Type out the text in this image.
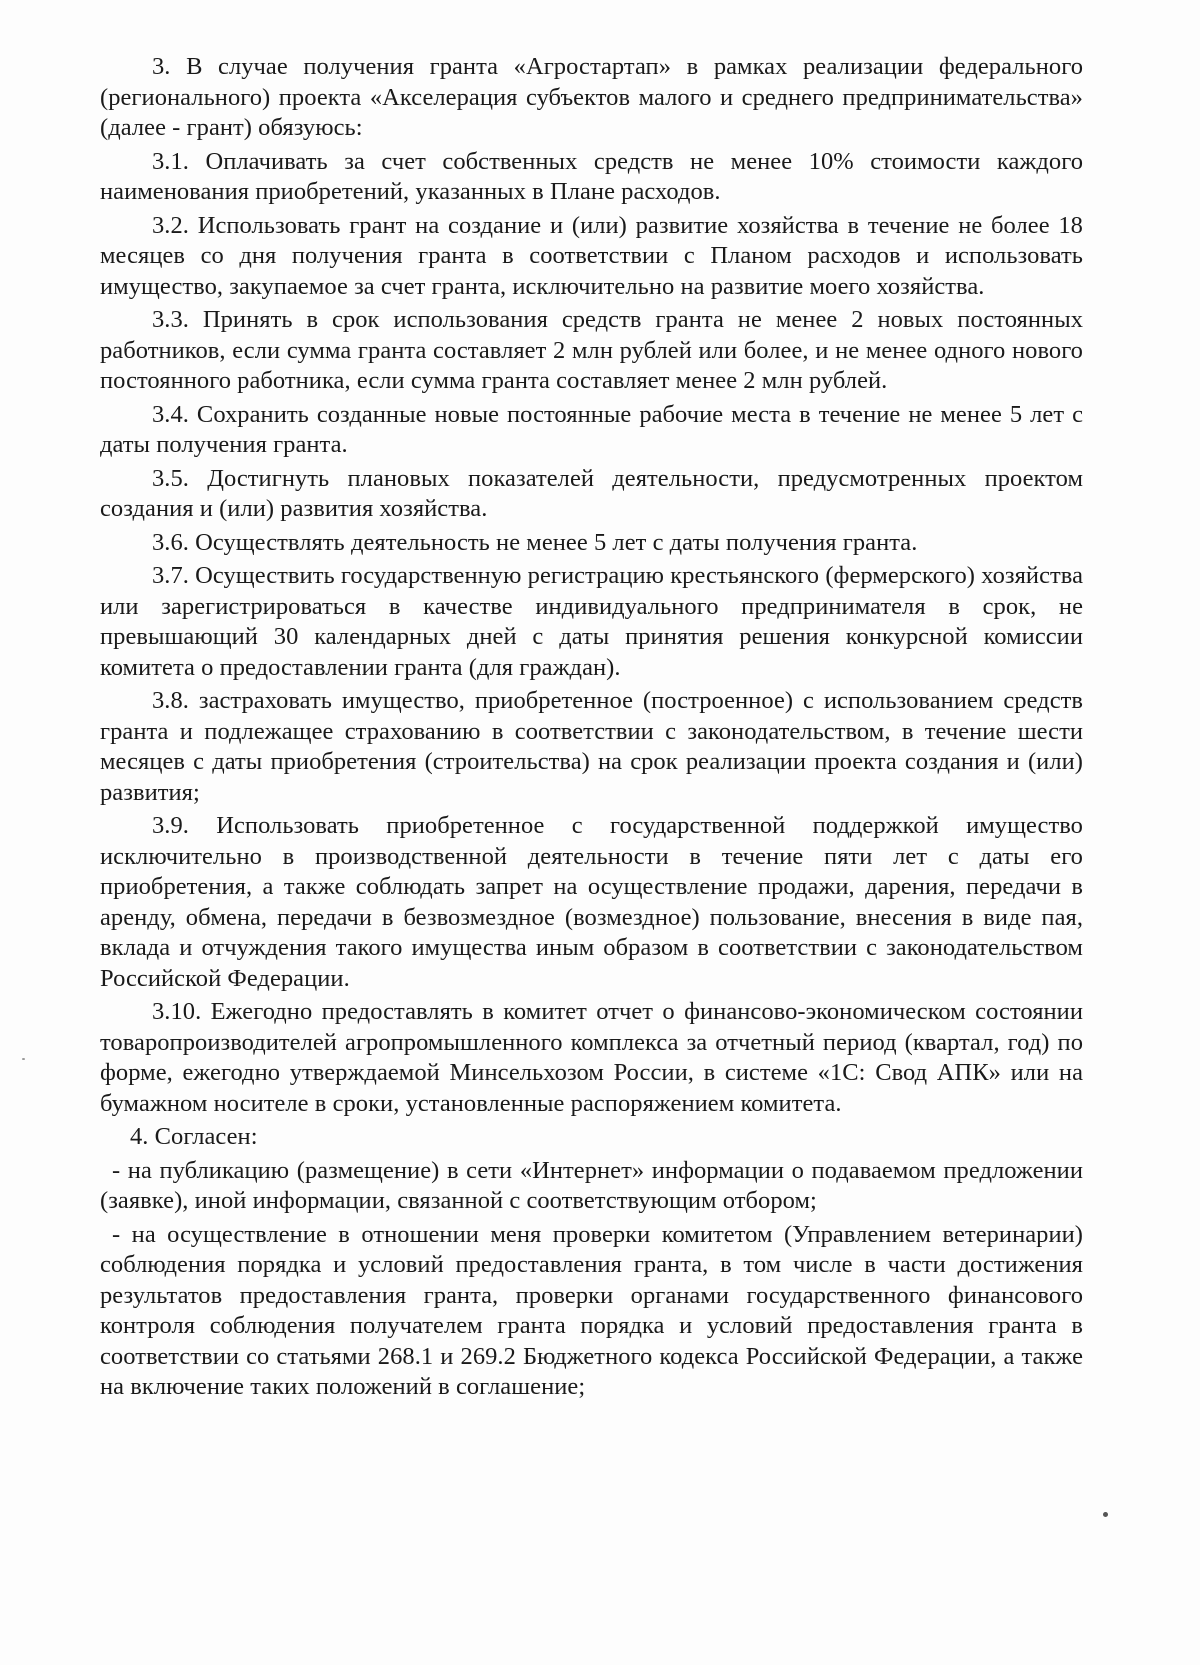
3. В случае получения гранта «Агростартап» в рамках реализации федерального (регионального) проекта «Акселерация субъектов малого и среднего предпринимательства» (далее - грант) обязуюсь:

3.1. Оплачивать за счет собственных средств не менее 10% стоимости каждого наименования приобретений, указанных в Плане расходов.

3.2. Использовать грант на создание и (или) развитие хозяйства в течение не более 18 месяцев со дня получения гранта в соответствии с Планом расходов и использовать имущество, закупаемое за счет гранта, исключительно на развитие моего хозяйства.

3.3. Принять в срок использования средств гранта не менее 2 новых постоянных работников, если сумма гранта составляет 2 млн рублей или более, и не менее одного нового постоянного работника, если сумма гранта составляет менее 2 млн рублей.

3.4. Сохранить созданные новые постоянные рабочие места в течение не менее 5 лет с даты получения гранта.

3.5. Достигнуть плановых показателей деятельности, предусмотренных проектом создания и (или) развития хозяйства.

3.6. Осуществлять деятельность не менее 5 лет с даты получения гранта.

3.7. Осуществить государственную регистрацию крестьянского (фермерского) хозяйства или зарегистрироваться в качестве индивидуального предпринимателя в срок, не превышающий 30 календарных дней с даты принятия решения конкурсной комиссии комитета о предоставлении гранта (для граждан).

3.8. застраховать имущество, приобретенное (построенное) с использованием средств гранта и подлежащее страхованию в соответствии с законодательством, в течение шести месяцев с даты приобретения (строительства) на срок реализации проекта создания и (или) развития;

3.9. Использовать приобретенное с государственной поддержкой имущество исключительно в производственной деятельности в течение пяти лет с даты его приобретения, а также соблюдать запрет на осуществление продажи, дарения, передачи в аренду, обмена, передачи в безвозмездное (возмездное) пользование, внесения в виде пая, вклада и отчуждения такого имущества иным образом в соответствии с законодательством Российской Федерации.

3.10. Ежегодно предоставлять в комитет отчет о финансово-экономическом состоянии товаропроизводителей агропромышленного комплекса за отчетный период (квартал, год) по форме, ежегодно утверждаемой Минсельхозом России, в системе «1С: Свод АПК» или на бумажном носителе в сроки, установленные распоряжением комитета.

4. Согласен:

- на публикацию (размещение) в сети «Интернет» информации о подаваемом предложении (заявке), иной информации, связанной с соответствующим отбором;

- на осуществление в отношении меня проверки комитетом (Управлением ветеринарии) соблюдения порядка и условий предоставления гранта, в том числе в части достижения результатов предоставления гранта, проверки органами государственного финансового контроля соблюдения получателем гранта порядка и условий предоставления гранта в соответствии со статьями 268.1 и 269.2 Бюджетного кодекса Российской Федерации, а также на включение таких положений в соглашение;
